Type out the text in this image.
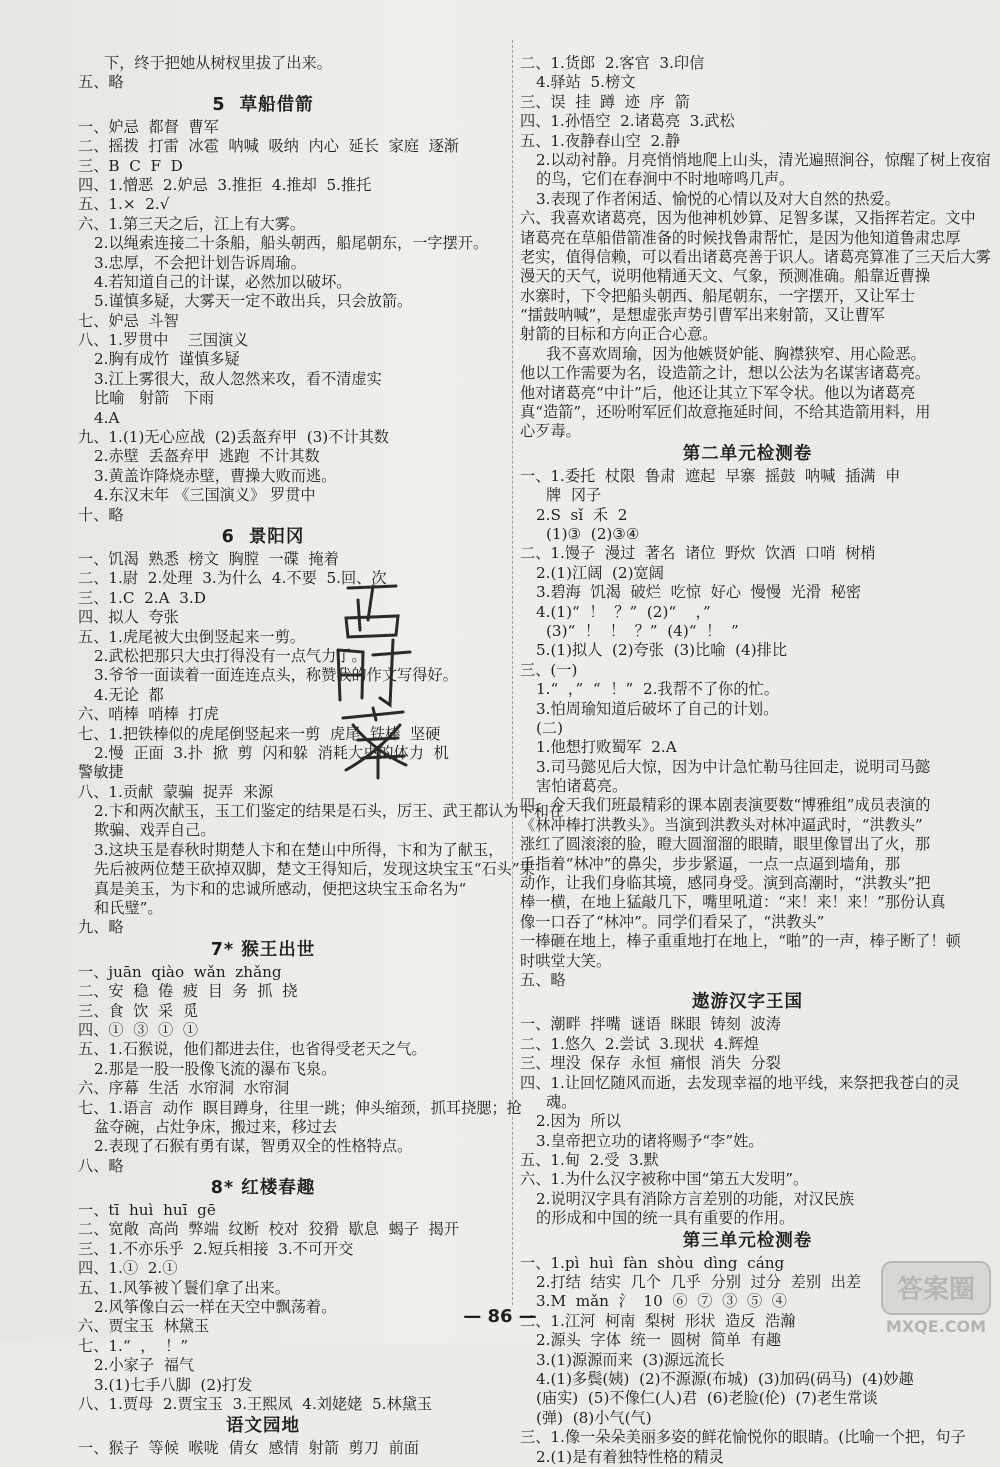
下，终于把她从树杈里拔了出来。
五、略
5  草船借箭
一、妒忌  都督  曹军
二、摇拨  打雷  冰雹  呐喊  吸纳  内心  延长  家庭  逐渐
三、B  C  F  D
四、1.憎恶  2.妒忌  3.推拒  4.推却  5.推托
五、1.×  2.√
六、1.第三天之后，江上有大雾。
2.以绳索连接二十条船，船头朝西，船尾朝东，一字摆开。
3.忠厚，不会把计划告诉周瑜。
4.若知道自己的计谋，必然加以破坏。
5.谨慎多疑，大雾天一定不敢出兵，只会放箭。
七、妒忌  斗智
八、1.罗贯中    三国演义
2.胸有成竹  谨慎多疑
3.江上雾很大，敌人忽然来攻，看不清虚实
比喻   射箭   下雨
4.A
九、1.(1)无心应战  (2)丢盔弃甲  (3)不计其数
2.赤壁  丢盔弃甲  逃跑  不计其数
3.黄盖诈降烧赤壁，曹操大败而逃。
4.东汉末年 《三国演义》 罗贯中
十、略
6  景阳冈
一、饥渴  熟悉  榜文  胸膛  一碟  掩着
二、1.尉  2.处理  3.为什么  4.不要  5.回、次
三、1.C  2.A  3.D
四、拟人  夸张
五、1.虎尾被大虫倒竖起来一剪。
2.武松把那只大虫打得没有一点气力了。
3.爷爷一面读着一面连连点头，称赞我的作文写得好。
4.无论  都
六、哨棒  哨棒  打虎
七、1.把铁棒似的虎尾倒竖起来一剪  虎尾  铁棒  坚硬
2.慢  正面  3.扑  掀  剪  闪和躲  消耗大虫的体力  机
警敏捷
八、1.贡献  蒙骗  捉弄  来源
2.卞和两次献玉，玉工们鉴定的结果是石头，厉王、武王都认为卞和在
欺骗、戏弄自己。
3.这块玉是春秋时期楚人卞和在楚山中所得，卞和为了献玉，
先后被两位楚王砍掉双脚，楚文王得知后，发现这块宝玉“石头”果
真是美玉，为卞和的忠诚所感动，便把这块宝玉命名为“
和氏璧”。
九、略
7* 猴王出世
一、juān  qiào  wǎn  zhǎng
二、安  稳  倦  疲  目  务  抓  挠
三、食  饮  采  觅
四、①  ③  ①  ①
五、1.石猴说，他们都进去住，也省得受老天之气。
2.那是一股一股像飞流的瀑布飞泉。
六、序幕  生活  水帘洞  水帘洞
七、1.语言  动作  瞑目蹲身，往里一跳；伸头缩颈，抓耳挠腮；抢
盆夺碗，占灶争床，搬过来，移过去
2.表现了石猴有勇有谋，智勇双全的性格特点。
八、略
8* 红楼春趣
一、tī  huì  huī  gē
二、宽敞  高尚  弊端  纹断  校对  狡猾  歇息  蝎子  揭开
三、1.不亦乐乎  2.短兵相接  3.不可开交
四、1.①  2.①
五、1.风筝被丫鬟们拿了出来。
2.风筝像白云一样在天空中飘荡着。
六、贾宝玉  林黛玉
七、1.“  ，  ！”
2.小家子  福气
3.(1)七手八脚  (2)打发
八、1.贾母  2.贾宝玉  3.王熙凤  4.刘姥姥  5.林黛玉
语文园地
一、猴子  等候  喉咙  倩女  感情  射箭  剪刀  前面
二、1.货郎  2.客官  3.印信
4.驿站  5.榜文
三、误  挂  蹲  迹  序  箭
四、1.孙悟空  2.诸葛亮  3.武松
五、1.夜静春山空  2.静
2.以动衬静。月亮悄悄地爬上山头，清光遍照涧谷，惊醒了树上夜宿
的鸟，它们在春涧中不时地啼鸣几声。
3.表现了作者闲适、愉悦的心情以及对大自然的热爱。
六、我喜欢诸葛亮，因为他神机妙算、足智多谋，又指挥若定。文中
诸葛亮在草船借箭准备的时候找鲁肃帮忙，是因为他知道鲁肃忠厚
老实，值得信赖，可以看出诸葛亮善于识人。诸葛亮算准了三天后大雾
漫天的天气，说明他精通天文、气象，预测准确。船靠近曹操
水寨时，下令把船头朝西、船尾朝东，一字摆开，又让军士
“擂鼓呐喊”，是想虚张声势引曹军出来射箭，又让曹军
射箭的目标和方向正合心意。
我不喜欢周瑜，因为他嫉贤妒能、胸襟狭窄、用心险恶。
他以工作需要为名，设造箭之计，想以公法为名谋害诸葛亮。
他对诸葛亮“中计”后，他还让其立下军令状。他以为诸葛亮
真“造箭”，还吩咐军匠们故意拖延时间，不给其造箭用料，用
心歹毒。
第二单元检测卷
一、1.委托  杖限  鲁肃  遮起  早寨  摇鼓  呐喊  插满  申
牌  冈子
2.S  sǐ  禾  2
(1)③  (2)③④
二、1.馒子  漫过  著名  诸位  野炊  饮酒  口哨  树梢
2.(1)江阔  (2)宽阔
3.碧海  饥渴  破烂  吃惊  好心  慢慢  光滑  秘密
4.(1)“  ！  ？”  (2)“    ，”
(3)“  ！  ！  ？”  (4)“  ！  ”
5.(1)拟人  (2)夸张  (3)比喻  (4)排比
三、(一)
1.“  ，”  “  ！”  2.我帮不了你的忙。
3.怕周瑜知道后破坏了自己的计划。
(二)
1.他想打败蜀军  2.A
3.司马懿见后大惊，因为中计急忙勒马往回走，说明司马懿
害怕诸葛亮。
四、今天我们班最精彩的课本剧表演要数“博雅组”成员表演的
《林冲棒打洪教头》。当演到洪教头对林冲逼武时，“洪教头”
涨红了圆滚滚的脸，瞪大圆溜溜的眼睛，眼里像冒出了火，那
手指着“林冲”的鼻尖，步步紧逼，一点一点逼到墙角，那
动作，让我们身临其境，感同身受。演到高潮时，“洪教头”把
棒一横，在地上猛敲几下，嘴里吼道：“来！来！来！”那份认真
像一口吞了“林冲”。同学们看呆了，“洪教头”
一棒砸在地上，棒子重重地打在地上，“啪”的一声，棒子断了！顿
时哄堂大笑。
五、略
遨游汉字王国
一、潮畔  拌嘴  谜语  眯眼  铸刻  波涛
二、1.悠久  2.尝试  3.现状  4.辉煌
三、埋没  保存  永恒  痛恨  消失  分裂
四、1.让回忆随风而逝，去发现幸福的地平线，来祭把我苍白的灵
魂。
2.因为  所以
3.皇帝把立功的诸将赐予“李”姓。
五、1.甸  2.受  3.默
六、1.为什么汉字被称中国“第五大发明”。
2.说明汉字具有消除方言差别的功能，对汉民族
的形成和中国的统一具有重要的作用。
第三单元检测卷
一、1.pì  huì  fàn  shòu  dìng  cáng
2.打结  结实  几个  几乎  分别  过分  差别  出差
3.M  mǎn  氵  10  ⑥  ⑦  ③  ⑤  ④
二、1.江河  柯南  梨树  形状  造反  浩瀚
2.源头  字体  统一  圆树  简单  有趣
3.(1)源源而来  (3)源远流长
4.(1)多鬓(姨)  (2)不源源(布城)  (3)加码(码马)  (4)妙趣
(庙实)  (5)不像仁(人)君  (6)老脸(伦)  (7)老生常谈
(弹)  (8)小气(气)
三、1.像一朵朵美丽多姿的鲜花愉悦你的眼睛。(比喻一个把，句子
2.(1)是有着独特性格的精灵
答案圈
MXQE.COM
— 86 —
